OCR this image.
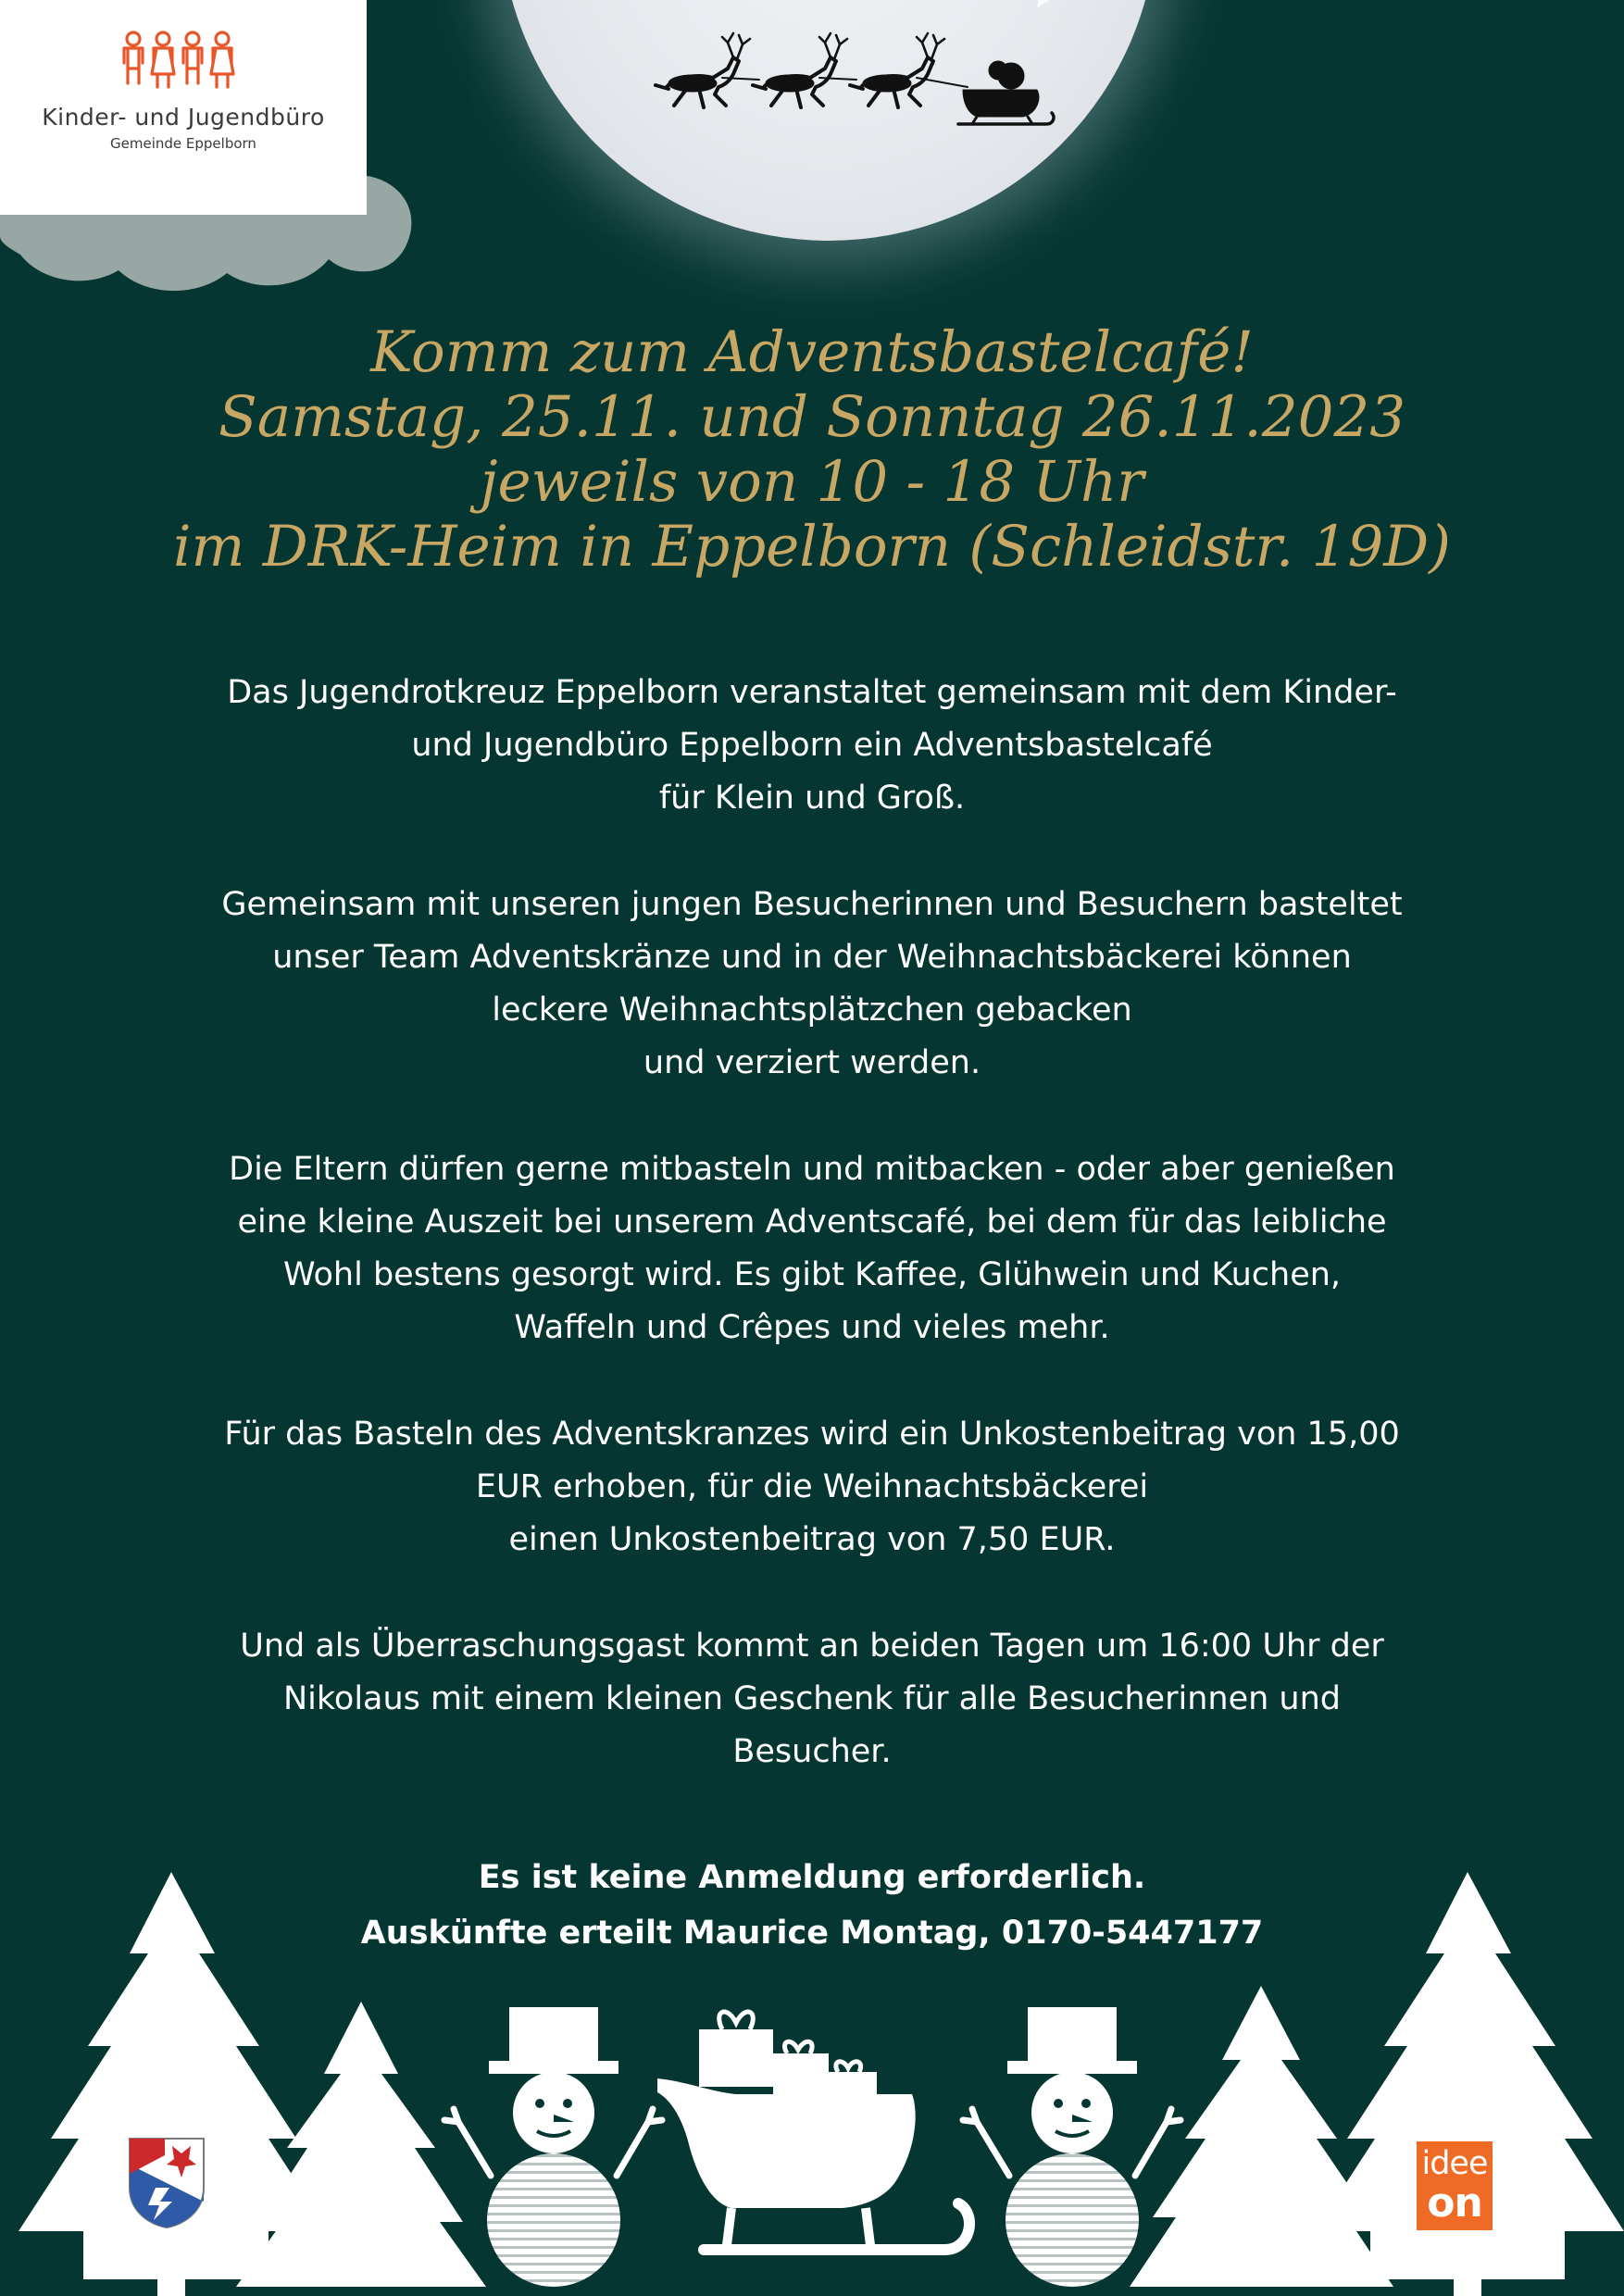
Kinder- und Jugendbüro
Gemeinde Eppelborn
Komm zum Adventsbastelcafé!
Samstag, 25.11. und Sonntag 26.11.2023
jeweils von 10 - 18 Uhr
im DRK-Heim in Eppelborn (Schleidstr. 19D)

Das Jugendrotkreuz Eppelborn veranstaltet gemeinsam mit dem Kinder-
und Jugendbüro Eppelborn ein Adventsbastelcafé
für Klein und Groß.

Gemeinsam mit unseren jungen Besucherinnen und Besuchern basteltet
unser Team Adventskränze und in der Weihnachtsbäckerei können
leckere Weihnachtsplätzchen gebacken
und verziert werden.

Die Eltern dürfen gerne mitbasteln und mitbacken - oder aber genießen
eine kleine Auszeit bei unserem Adventscafé, bei dem für das leibliche
Wohl bestens gesorgt wird. Es gibt Kaffee, Glühwein und Kuchen,
Waffeln und Crêpes und vieles mehr.

Für das Basteln des Adventskranzes wird ein Unkostenbeitrag von 15,00
EUR erhoben, für die Weihnachtsbäckerei
einen Unkostenbeitrag von 7,50 EUR.

Und als Überraschungsgast kommt an beiden Tagen um 16:00 Uhr der
Nikolaus mit einem kleinen Geschenk für alle Besucherinnen und
Besucher.

Es ist keine Anmeldung erforderlich.
Auskünfte erteilt Maurice Montag, 0170-5447177
idee
on
